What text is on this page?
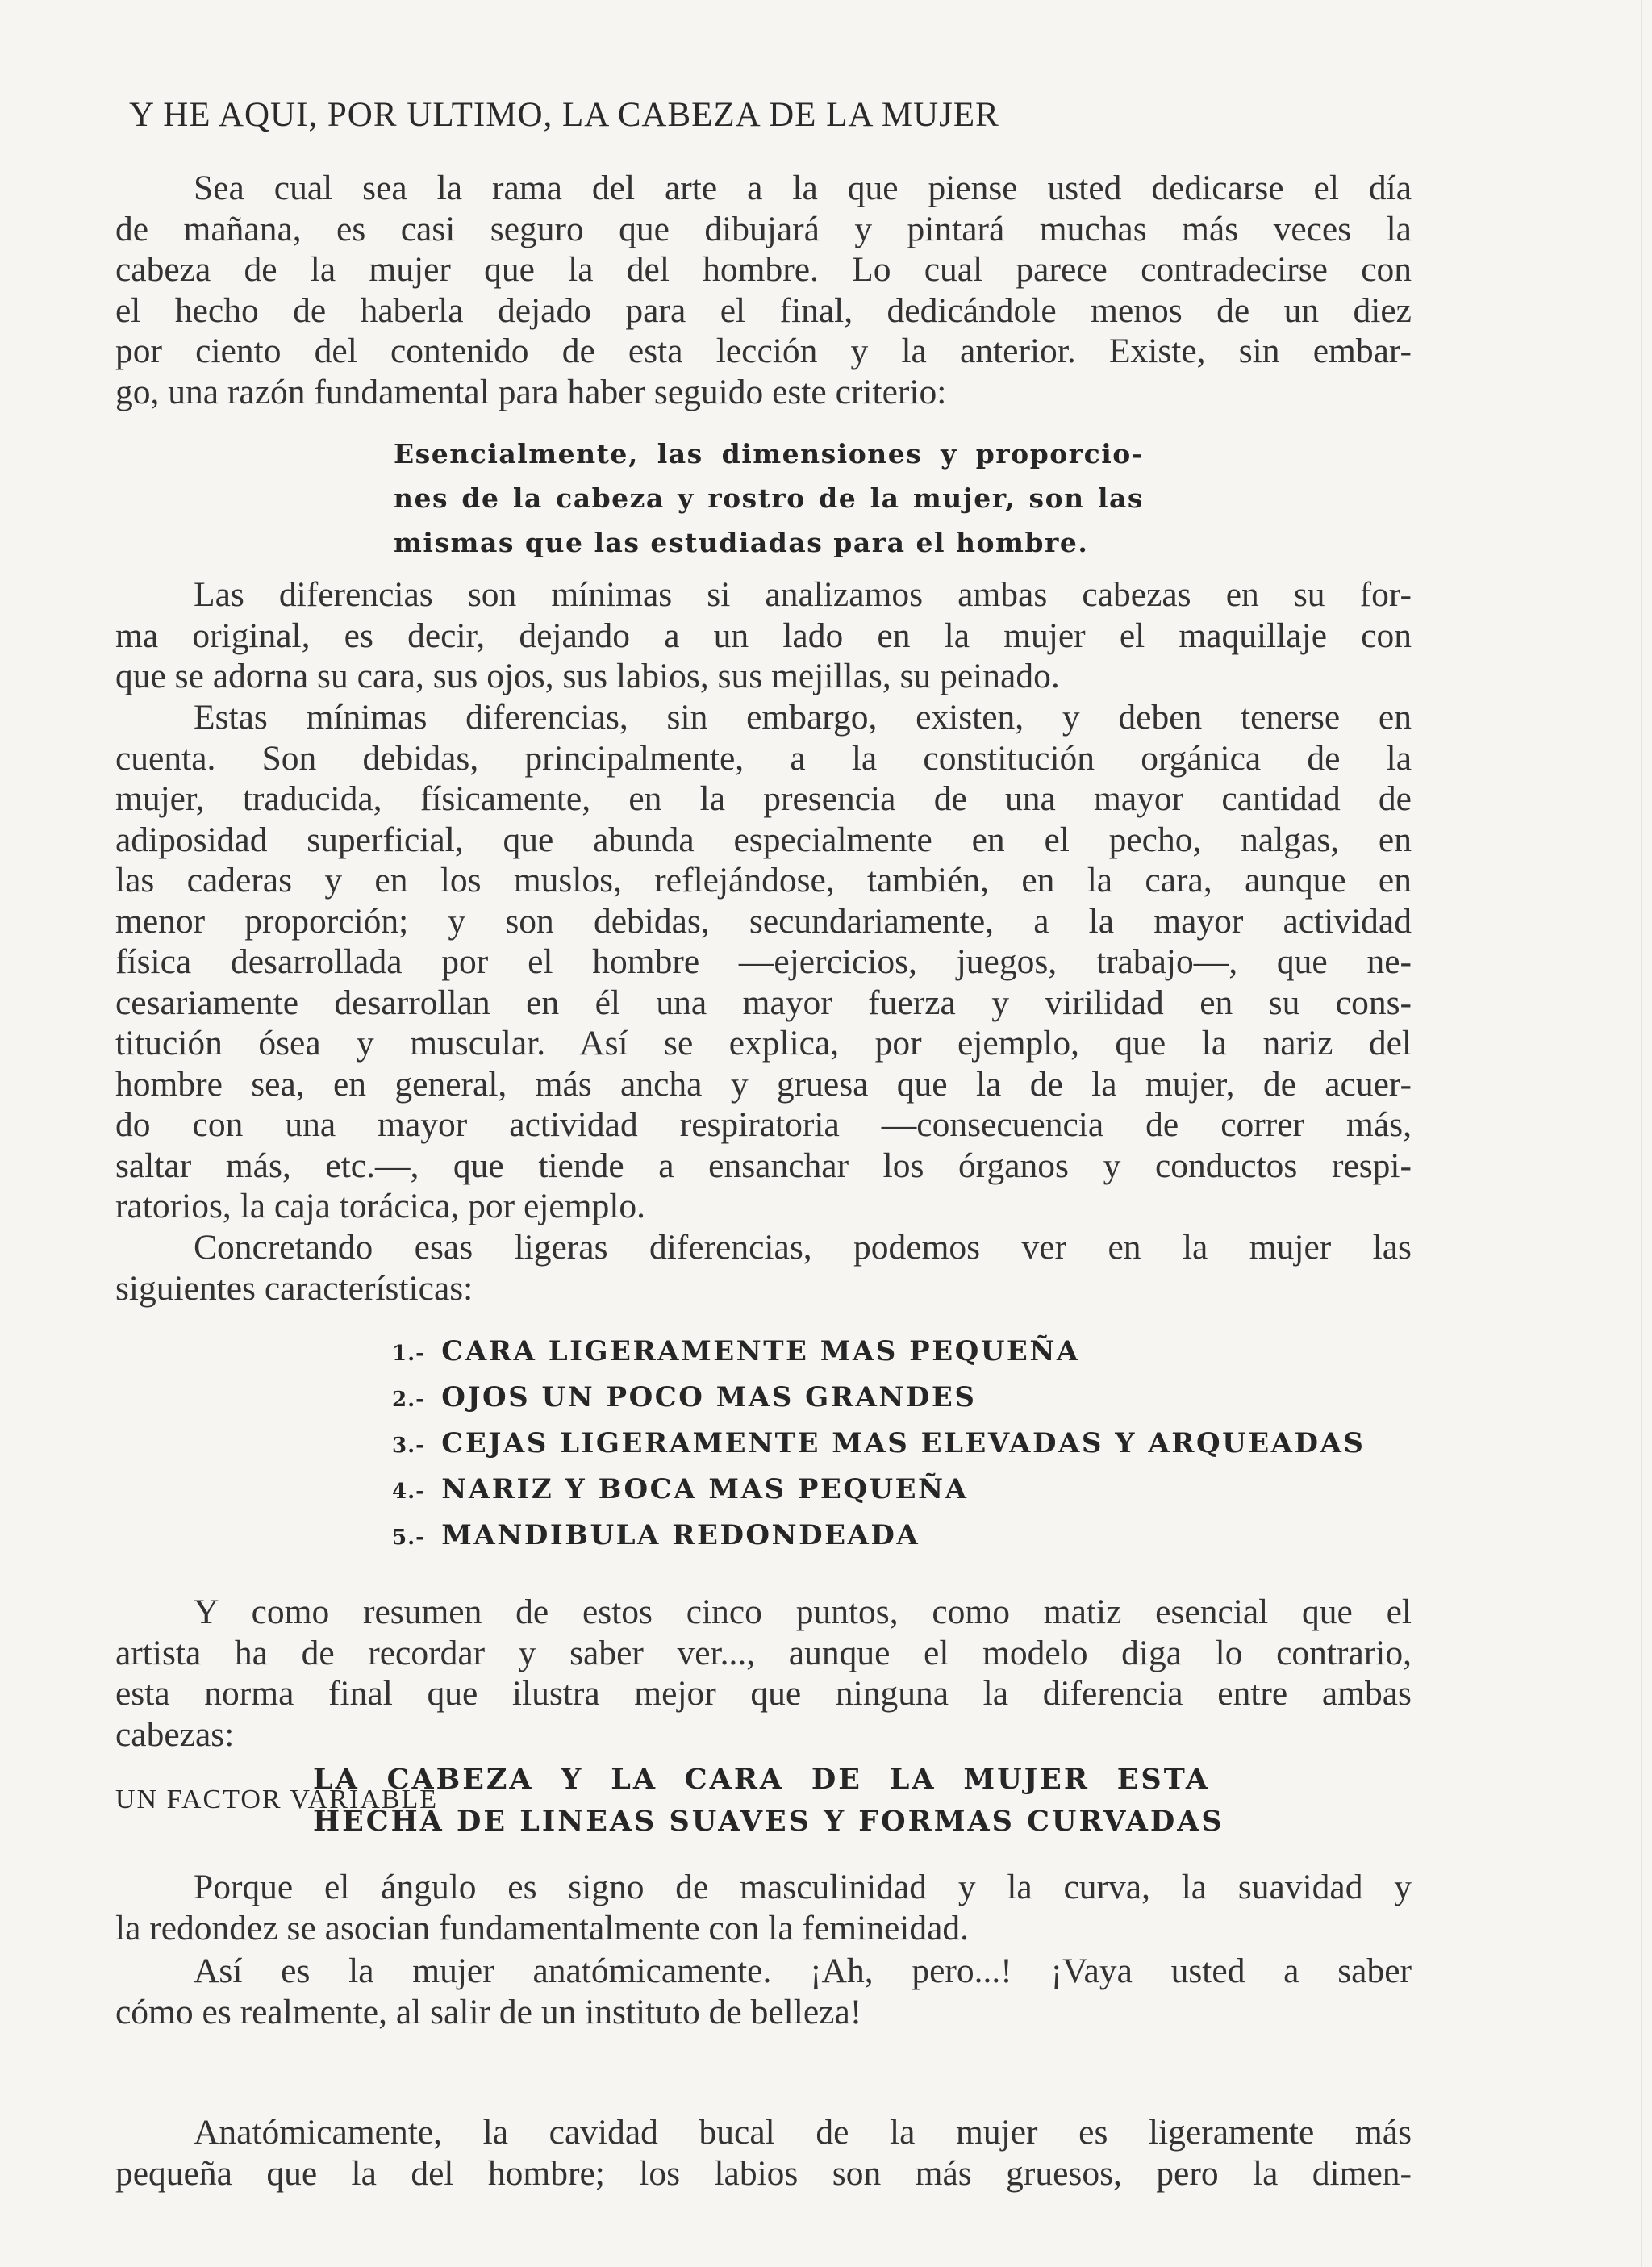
Y HE AQUI, POR ULTIMO, LA CABEZA DE LA MUJER
Sea cual sea la rama del arte a la que piense usted dedicarse el día
de mañana, es casi seguro que dibujará y pintará muchas más veces la
cabeza de la mujer que la del hombre. Lo cual parece contradecirse con
el hecho de haberla dejado para el final, dedicándole menos de un diez
por ciento del contenido de esta lección y la anterior. Existe, sin embar-
go, una razón fundamental para haber seguido este criterio:
Esencialmente, las dimensiones y proporcio-
nes de la cabeza y rostro de la mujer, son las
mismas que las estudiadas para el hombre.
Las diferencias son mínimas si analizamos ambas cabezas en su for-
ma original, es decir, dejando a un lado en la mujer el maquillaje con
que se adorna su cara, sus ojos, sus labios, sus mejillas, su peinado.
Estas mínimas diferencias, sin embargo, existen, y deben tenerse en
cuenta. Son debidas, principalmente, a la constitución orgánica de la
mujer, traducida, físicamente, en la presencia de una mayor cantidad de
adiposidad superficial, que abunda especialmente en el pecho, nalgas, en
las caderas y en los muslos, reflejándose, también, en la cara, aunque en
menor proporción; y son debidas, secundariamente, a la mayor actividad
física desarrollada por el hombre —ejercicios, juegos, trabajo—, que ne-
cesariamente desarrollan en él una mayor fuerza y virilidad en su cons-
titución ósea y muscular. Así se explica, por ejemplo, que la nariz del
hombre sea, en general, más ancha y gruesa que la de la mujer, de acuer-
do con una mayor actividad respiratoria —consecuencia de correr más,
saltar más, etc.—, que tiende a ensanchar los órganos y conductos respi-
ratorios, la caja torácica, por ejemplo.
Concretando esas ligeras diferencias, podemos ver en la mujer las
siguientes características:
1.- CARA LIGERAMENTE MAS PEQUEÑA
2.- OJOS UN POCO MAS GRANDES
3.- CEJAS LIGERAMENTE MAS ELEVADAS Y ARQUEADAS
4.- NARIZ Y BOCA MAS PEQUEÑA
5.- MANDIBULA REDONDEADA
Y como resumen de estos cinco puntos, como matiz esencial que el
artista ha de recordar y saber ver..., aunque el modelo diga lo contrario,
esta norma final que ilustra mejor que ninguna la diferencia entre ambas
cabezas:
LA CABEZA Y LA CARA DE LA MUJER ESTA
HECHA DE LINEAS SUAVES Y FORMAS CURVADAS
Porque el ángulo es signo de masculinidad y la curva, la suavidad y
la redondez se asocian fundamentalmente con la femineidad.
Así es la mujer anatómicamente. ¡Ah, pero...! ¡Vaya usted a saber
cómo es realmente, al salir de un instituto de belleza!
UN FACTOR VARIABLE
Anatómicamente, la cavidad bucal de la mujer es ligeramente más
pequeña que la del hombre; los labios son más gruesos, pero la dimen-
